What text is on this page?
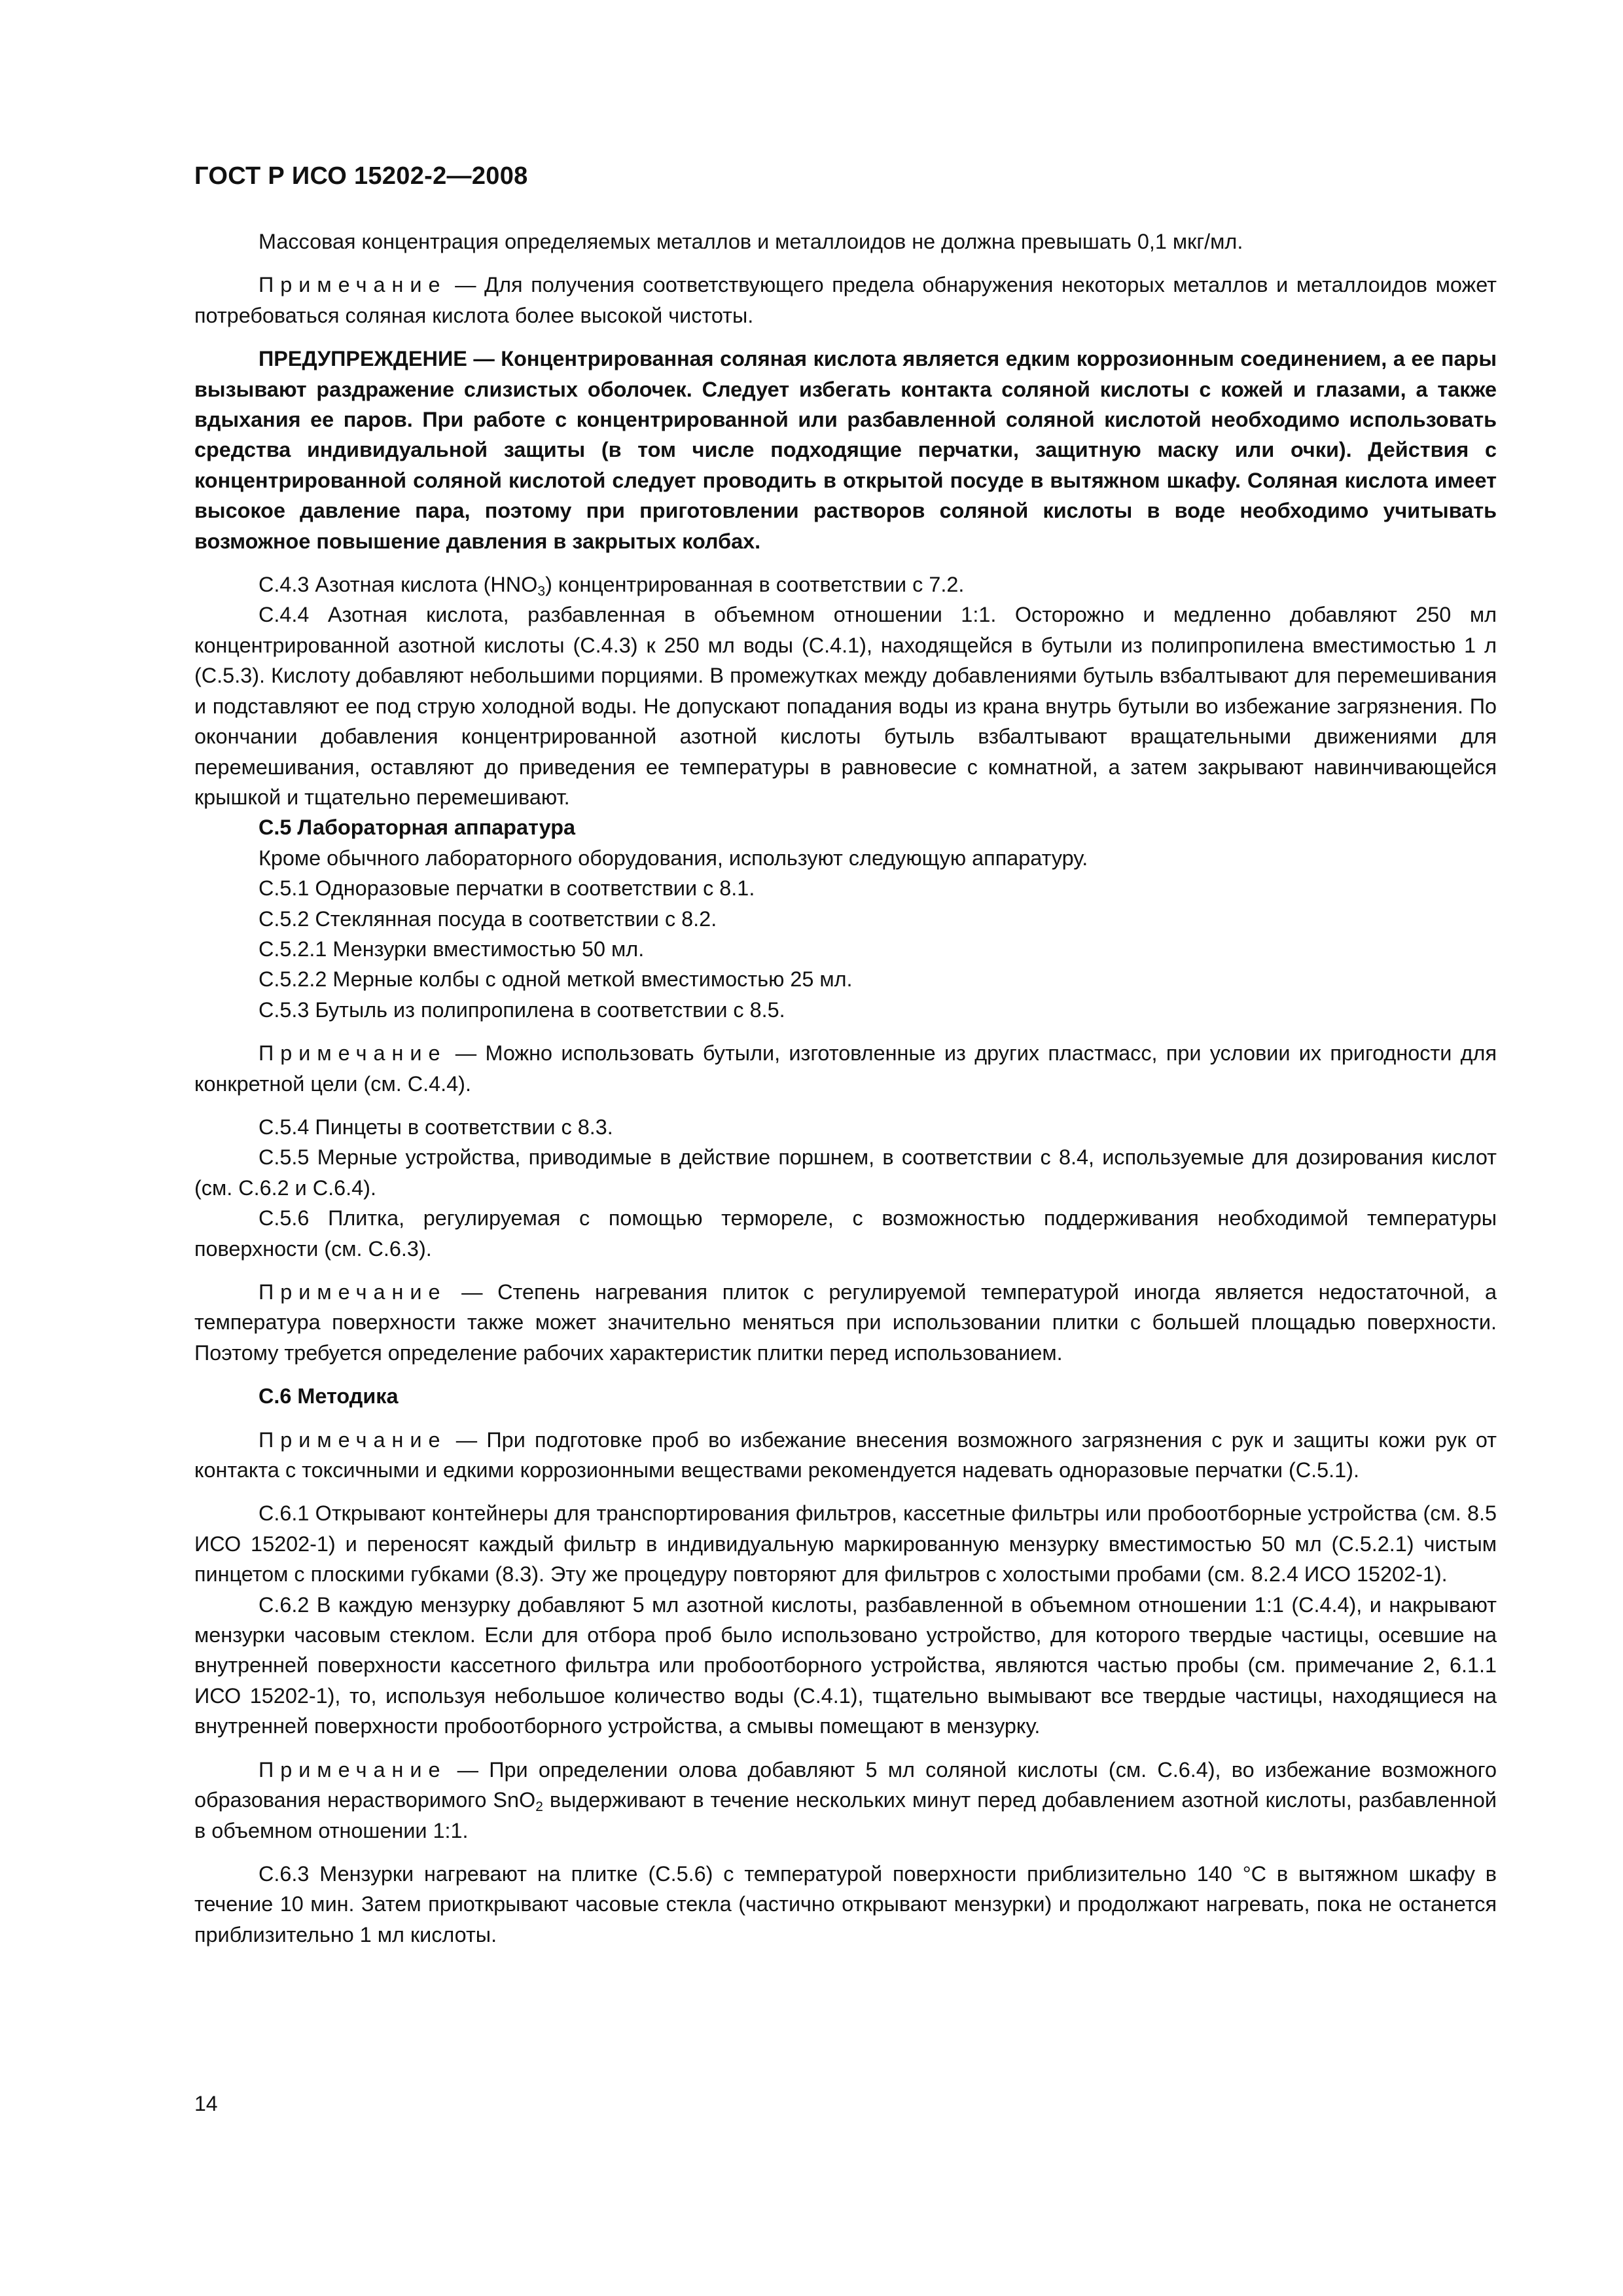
ГОСТ Р ИСО 15202-2—2008

Массовая концентрация определяемых металлов и металлоидов не должна превышать 0,1 мкг/мл.

Примечание — Для получения соответствующего предела обнаружения некоторых металлов и металлоидов может потребоваться соляная кислота более высокой чистоты.

ПРЕДУПРЕЖДЕНИЕ — Концентрированная соляная кислота является едким коррозионным соединением, а ее пары вызывают раздражение слизистых оболочек. Следует избегать контакта соляной кислоты с кожей и глазами, а также вдыхания ее паров. При работе с концентрированной или разбавленной соляной кислотой необходимо использовать средства индивидуальной защиты (в том числе подходящие перчатки, защитную маску или очки). Действия с концентрированной соляной кислотой следует проводить в открытой посуде в вытяжном шкафу. Соляная кислота имеет высокое давление пара, поэтому при приготовлении растворов соляной кислоты в воде необходимо учитывать возможное повышение давления в закрытых колбах.

С.4.3 Азотная кислота $(HNO_3)$ концентрированная в соответствии с 7.2.

С.4.4 Азотная кислота, разбавленная в объемном отношении 1:1. Осторожно и медленно добавляют 250 мл концентрированной азотной кислоты (С.4.3) к 250 мл воды (С.4.1), находящейся в бутыли из полипропилена вместимостью 1 л (С.5.3). Кислоту добавляют небольшими порциями. В промежутках между добавлениями бутыль взбалтывают для перемешивания и подставляют ее под струю холодной воды. Не допускают попадания воды из крана внутрь бутыли во избежание загрязнения. По окончании добавления концентрированной азотной кислоты бутыль взбалтывают вращательными движениями для перемешивания, оставляют до приведения ее температуры в равновесие с комнатной, а затем закрывают навинчивающейся крышкой и тщательно перемешивают.

С.5 Лабораторная аппаратура

Кроме обычного лабораторного оборудования, используют следующую аппаратуру.

С.5.1 Одноразовые перчатки в соответствии с 8.1.

С.5.2 Стеклянная посуда в соответствии с 8.2.

С.5.2.1 Мензурки вместимостью 50 мл.

С.5.2.2 Мерные колбы с одной меткой вместимостью 25 мл.

С.5.3 Бутыль из полипропилена в соответствии с 8.5.

Примечание — Можно использовать бутыли, изготовленные из других пластмасс, при условии их пригодности для конкретной цели (см. С.4.4).

С.5.4 Пинцеты в соответствии с 8.3.

С.5.5 Мерные устройства, приводимые в действие поршнем, в соответствии с 8.4, используемые для дозирования кислот (см. С.6.2 и С.6.4).

С.5.6 Плитка, регулируемая с помощью термореле, с возможностью поддерживания необходимой температуры поверхности (см. С.6.3).

Примечание — Степень нагревания плиток с регулируемой температурой иногда является недостаточной, а температура поверхности также может значительно меняться при использовании плитки с большей площадью поверхности. Поэтому требуется определение рабочих характеристик плитки перед использованием.

С.6 Методика

Примечание — При подготовке проб во избежание внесения возможного загрязнения с рук и защиты кожи рук от контакта с токсичными и едкими коррозионными веществами рекомендуется надевать одноразовые перчатки (С.5.1).

С.6.1 Открывают контейнеры для транспортирования фильтров, кассетные фильтры или пробоотборные устройства (см. 8.5 ИСО 15202-1) и переносят каждый фильтр в индивидуальную маркированную мензурку вместимостью 50 мл (С.5.2.1) чистым пинцетом с плоскими губками (8.3). Эту же процедуру повторяют для фильтров с холостыми пробами (см. 8.2.4 ИСО 15202-1).

С.6.2 В каждую мензурку добавляют 5 мл азотной кислоты, разбавленной в объемном отношении 1:1 (С.4.4), и накрывают мензурки часовым стеклом. Если для отбора проб было использовано устройство, для которого твердые частицы, осевшие на внутренней поверхности кассетного фильтра или пробоотборного устройства, являются частью пробы (см. примечание 2, 6.1.1 ИСО 15202-1), то, используя небольшое количество воды (С.4.1), тщательно вымывают все твердые частицы, находящиеся на внутренней поверхности пробоотборного устройства, а смывы помещают в мензурку.

Примечание — При определении олова добавляют 5 мл соляной кислоты (см. С.6.4), во избежание возможного образования нерастворимого SnO$_2$ выдерживают в течение нескольких минут перед добавлением азотной кислоты, разбавленной в объемном отношении 1:1.

С.6.3 Мензурки нагревают на плитке (С.5.6) с температурой поверхности приблизительно 140 °С в вытяжном шкафу в течение 10 мин. Затем приоткрывают часовые стекла (частично открывают мензурки) и продолжают нагревать, пока не останется приблизительно 1 мл кислоты.

14
